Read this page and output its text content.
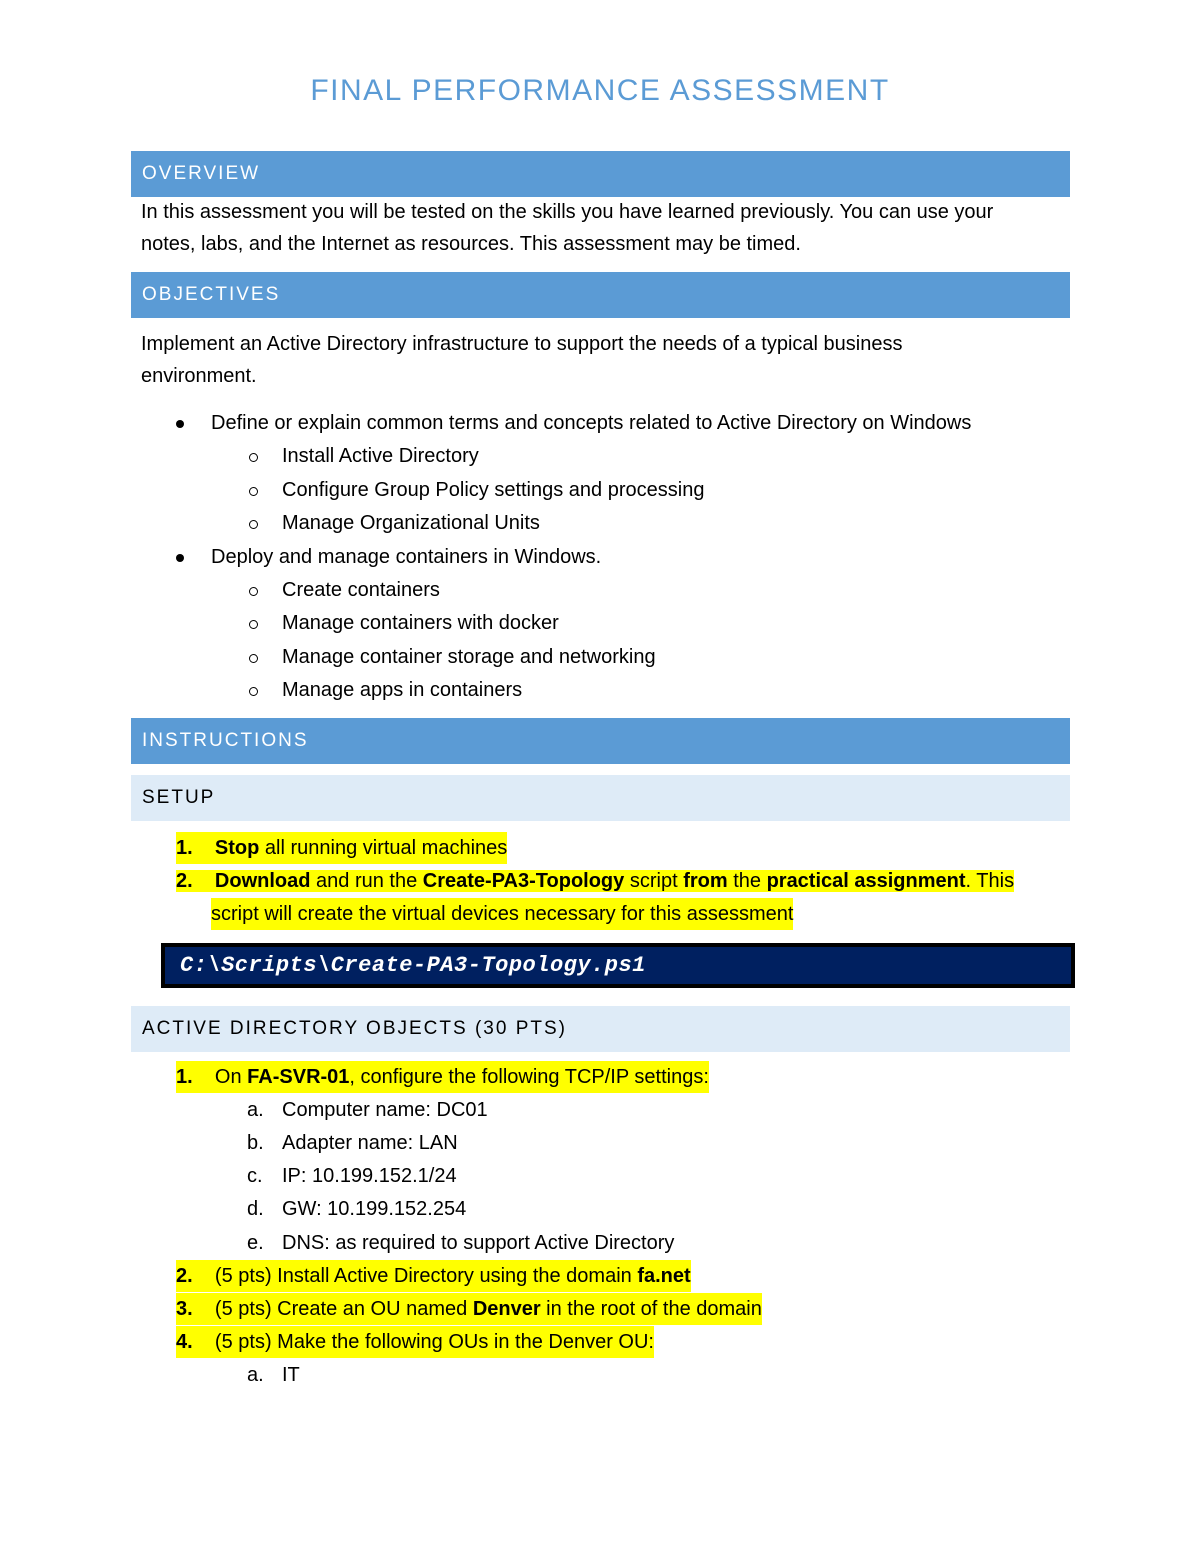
FINAL PERFORMANCE ASSESSMENT
OVERVIEW
In this assessment you will be tested on the skills you have learned previously. You can use your
notes, labs, and the Internet as resources. This assessment may be timed.
OBJECTIVES
Implement an Active Directory infrastructure to support the needs of a typical business
environment.
Define or explain common terms and concepts related to Active Directory on Windows
Install Active Directory
Configure Group Policy settings and processing
Manage Organizational Units
Deploy and manage containers in Windows.
Create containers
Manage containers with docker
Manage container storage and networking
Manage apps in containers
INSTRUCTIONS
SETUP
1. Stop all running virtual machines
2. Download and run the Create-PA3-Topology script from the practical assignment. This
script will create the virtual devices necessary for this assessment
C:\Scripts\Create-PA3-Topology.ps1
ACTIVE DIRECTORY OBJECTS (30 PTS)
1. On FA-SVR-01, configure the following TCP/IP settings:
a. Computer name: DC01
b. Adapter name: LAN
c. IP: 10.199.152.1/24
d. GW: 10.199.152.254
e. DNS: as required to support Active Directory
2. (5 pts) Install Active Directory using the domain fa.net
3. (5 pts) Create an OU named Denver in the root of the domain
4. (5 pts) Make the following OUs in the Denver OU:
a. IT
